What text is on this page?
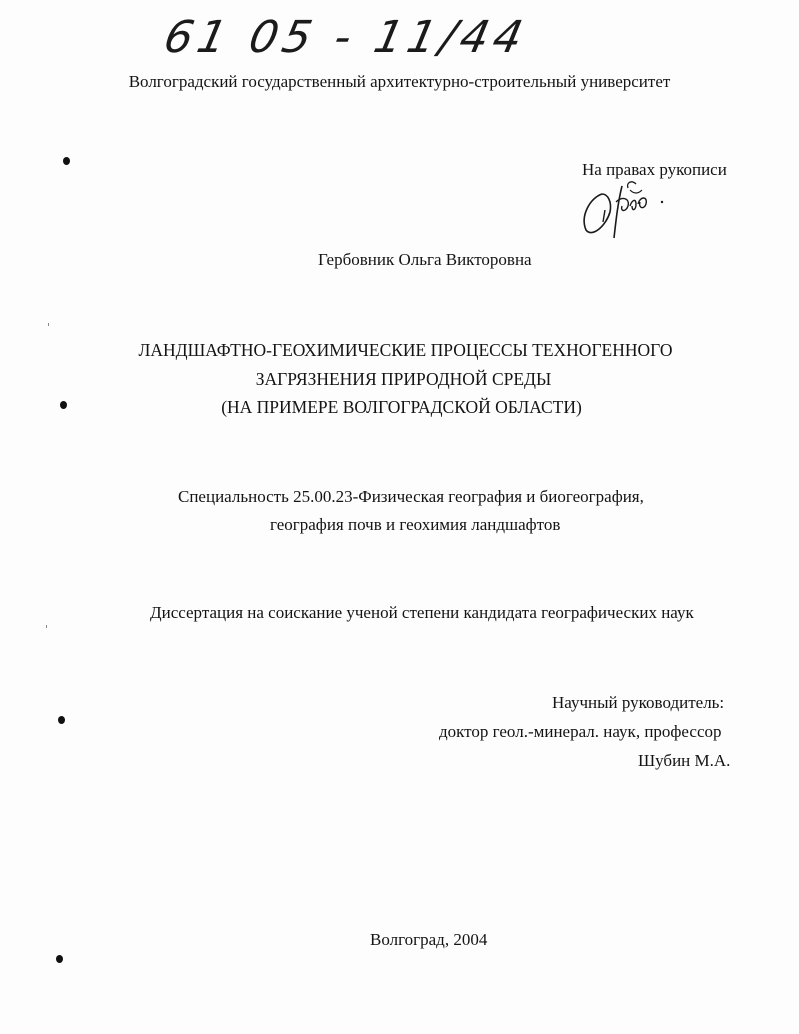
61 05 - 11/44
Волгоградский государственный архитектурно-строительный университет
На правах рукописи
Гербовник Ольга Викторовна
ЛАНДШАФТНО-ГЕОХИМИЧЕСКИЕ ПРОЦЕССЫ ТЕХНОГЕННОГО
ЗАГРЯЗНЕНИЯ ПРИРОДНОЙ СРЕДЫ
(НА ПРИМЕРЕ ВОЛГОГРАДСКОЙ ОБЛАСТИ)
Специальность 25.00.23-Физическая география и биогеография,
география почв и геохимия ландшафтов
Диссертация на соискание ученой степени кандидата географических наук
Научный руководитель:
доктор геол.-минерал. наук, профессор
Шубин М.А.
Волгоград, 2004
